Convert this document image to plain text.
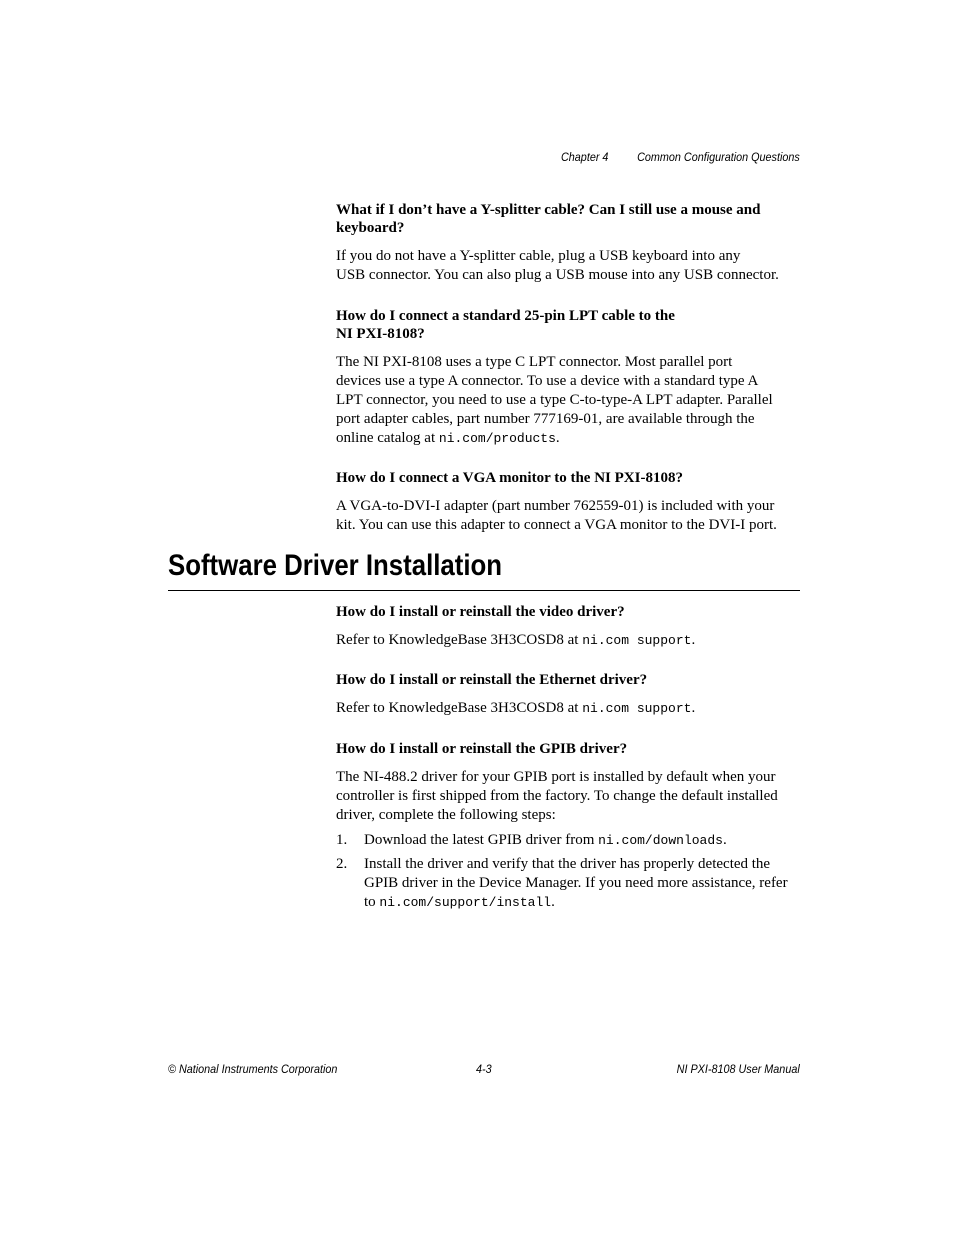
Chapter 4 Common Configuration Questions

What if I don’t have a Y-splitter cable? Can I still use a mouse and
keyboard?

If you do not have a Y-splitter cable, plug a USB keyboard into any
USB connector. You can also plug a USB mouse into any USB connector.

How do I connect a standard 25-pin LPT cable to the
NI PXI-8108?

The NI PXI-8108 uses a type C LPT connector. Most parallel port
devices use a type A connector. To use a device with a standard type A
LPT connector, you need to use a type C-to-type-A LPT adapter. Parallel
port adapter cables, part number 777169-01, are available through the
online catalog at ni.com/products.

How do I connect a VGA monitor to the NI PXI-8108?

A VGA-to-DVI-I adapter (part number 762559-01) is included with your
kit. You can use this adapter to connect a VGA monitor to the DVI-I port.

Software Driver Installation

How do I install or reinstall the video driver?

Refer to KnowledgeBase 3H3COSD8 at ni.com support.

How do I install or reinstall the Ethernet driver?

Refer to KnowledgeBase 3H3COSD8 at ni.com support.

How do I install or reinstall the GPIB driver?

The NI-488.2 driver for your GPIB port is installed by default when your
controller is first shipped from the factory. To change the default installed
driver, complete the following steps:

1. Download the latest GPIB driver from ni.com/downloads.
2. Install the driver and verify that the driver has properly detected the
GPIB driver in the Device Manager. If you need more assistance, refer
to ni.com/support/install.
© National Instruments Corporation	4-3	NI PXI-8108 User Manual
